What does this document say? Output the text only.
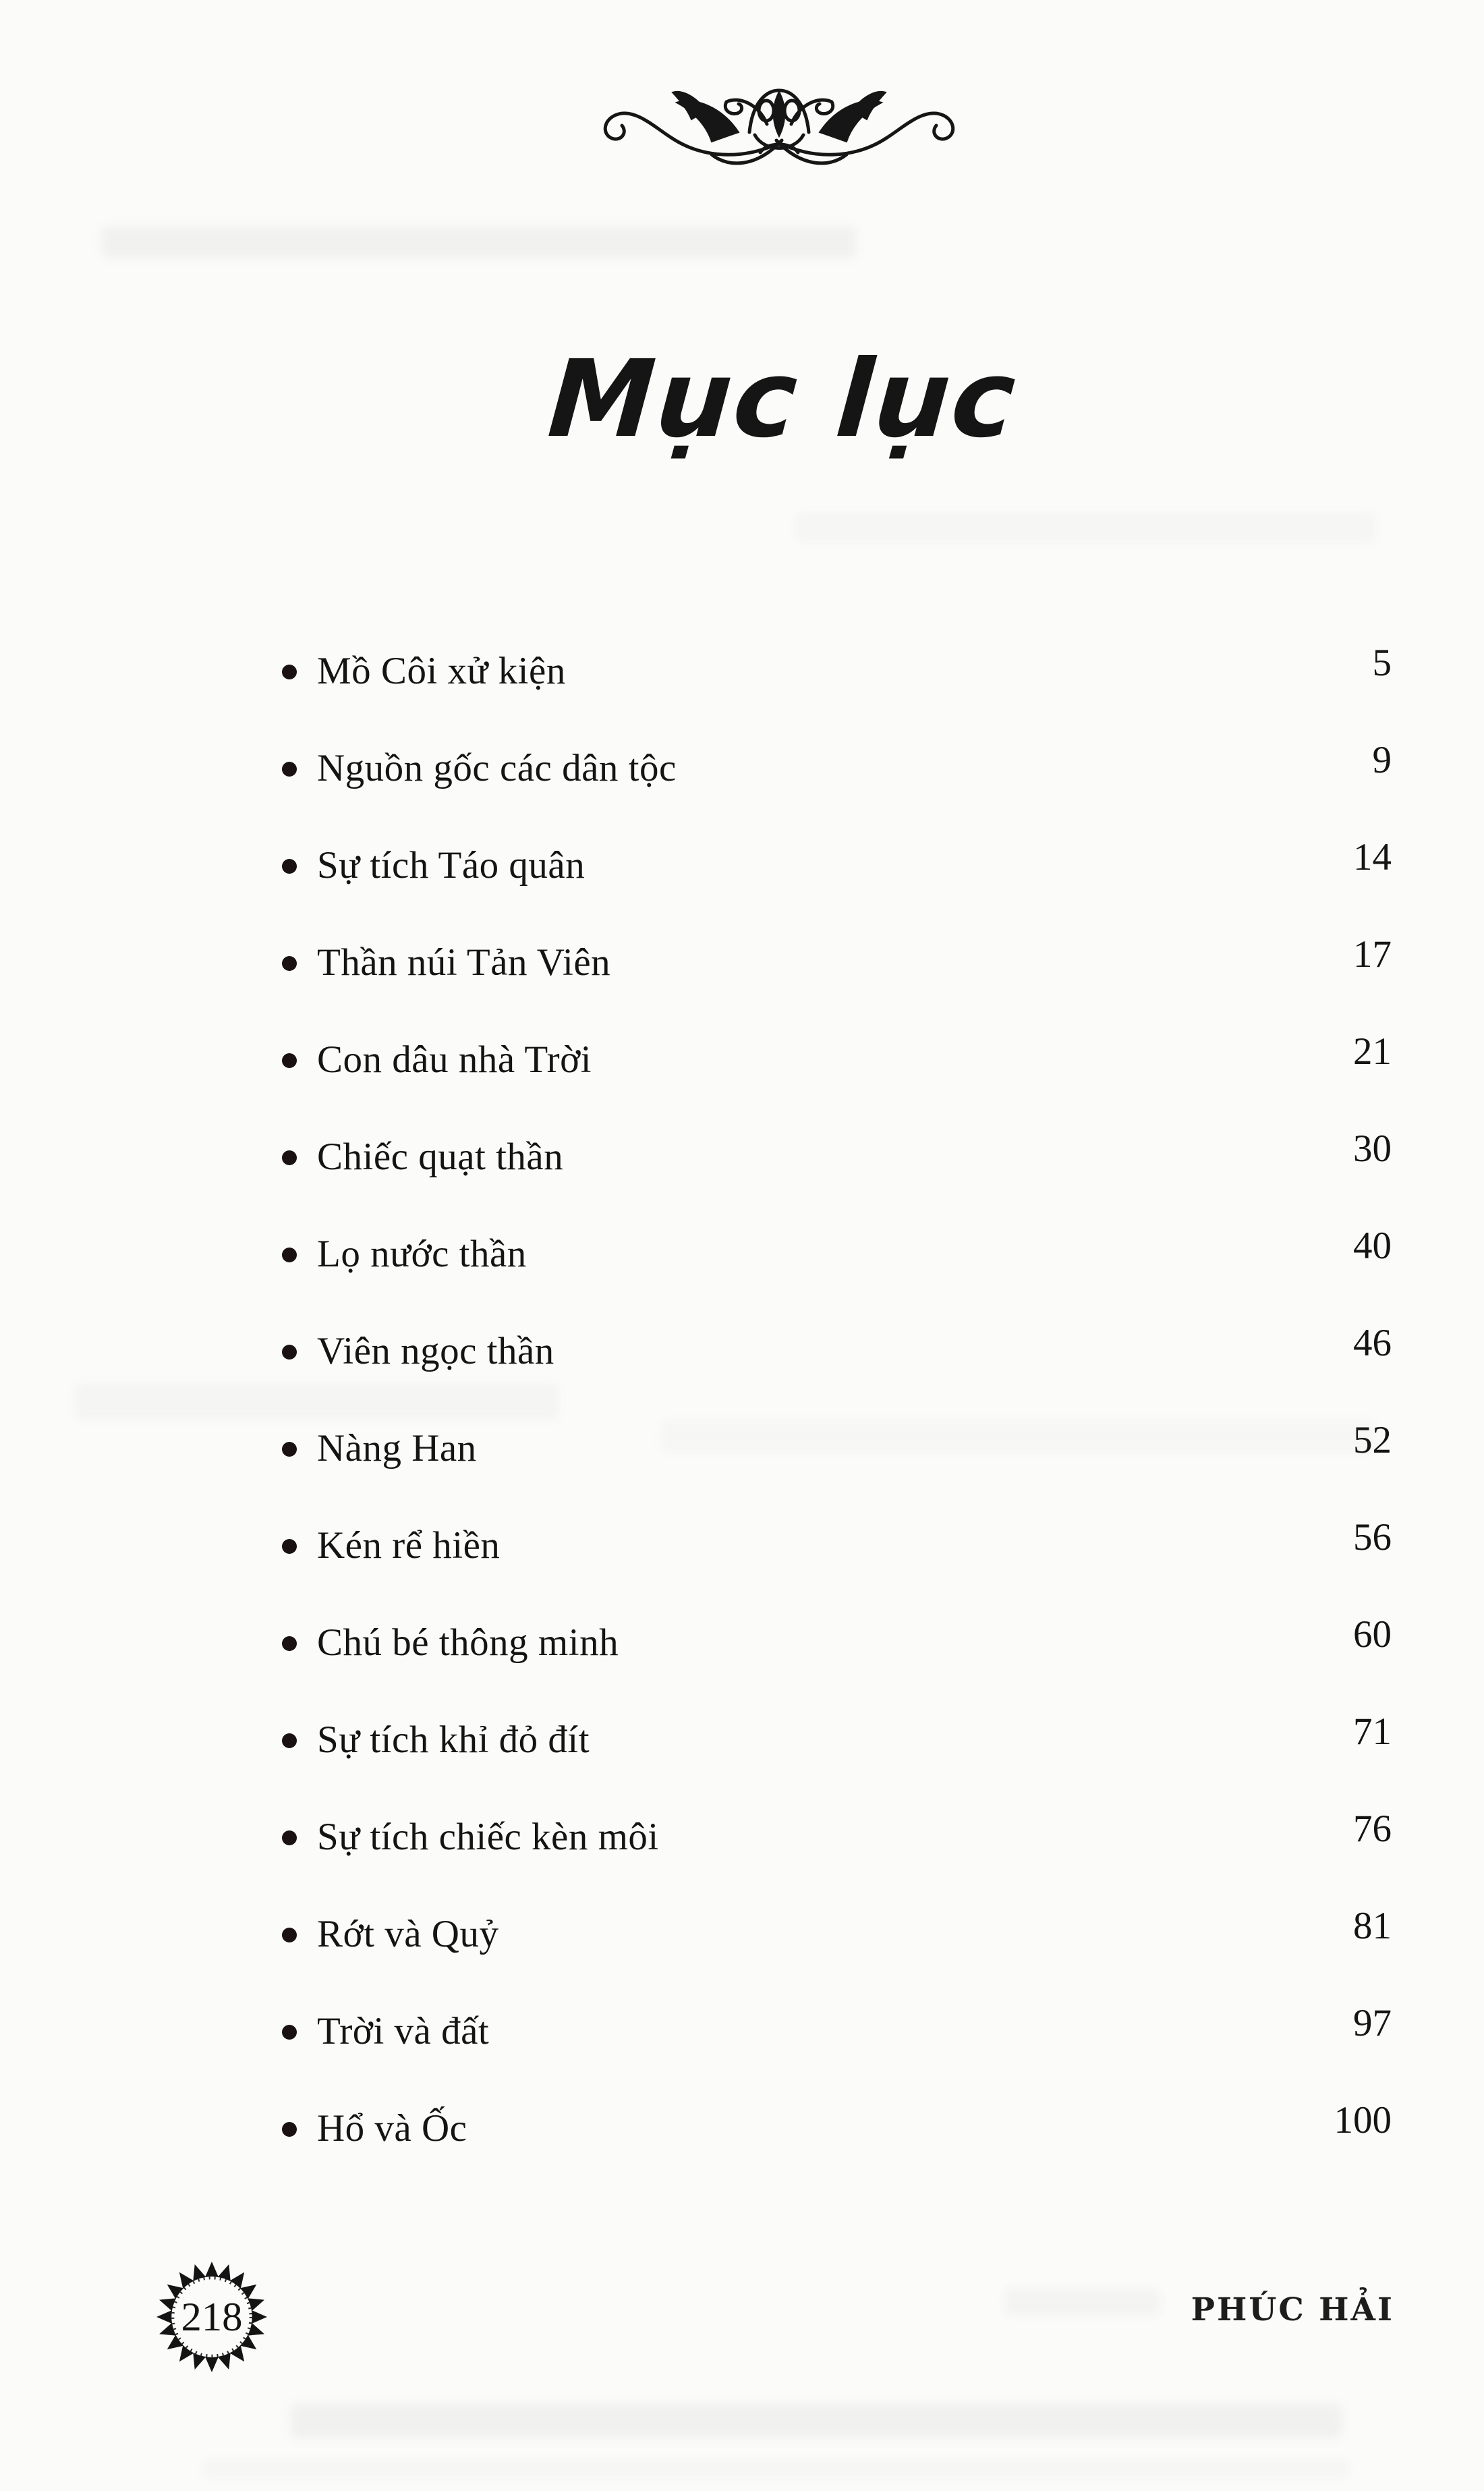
Mục lục
Mồ Côi xử kiện	5
Nguồn gốc các dân tộc	9
Sự tích Táo quân	14
Thần núi Tản Viên	17
Con dâu nhà Trời	21
Chiếc quạt thần	30
Lọ nước thần	40
Viên ngọc thần	46
Nàng Han	52
Kén rể hiền	56
Chú bé thông minh	60
Sự tích khỉ đỏ đít	71
Sự tích chiếc kèn môi	76
Rớt và Quỷ	81
Trời và đất	97
Hổ và Ốc	100
218	PHÚC HẢI
